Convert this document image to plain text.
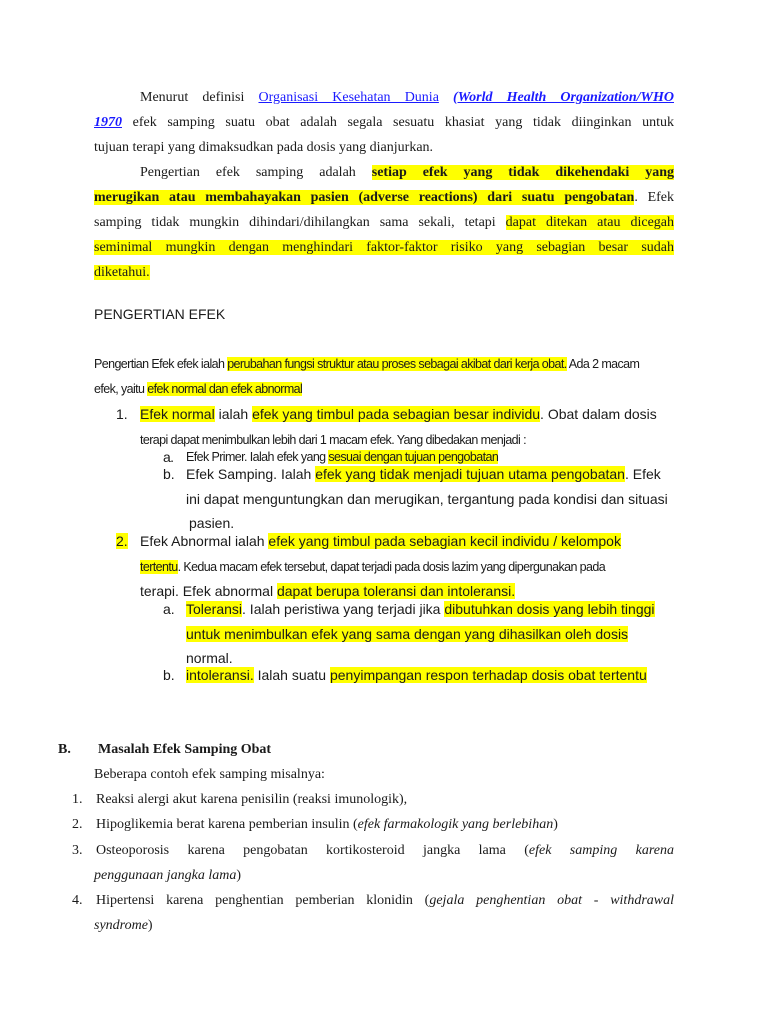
Menurut definisi Organisasi Kesehatan Dunia (World Health Organization/WHO
1970 efek samping suatu obat adalah segala sesuatu khasiat yang tidak diinginkan untuk
tujuan terapi yang dimaksudkan pada dosis yang dianjurkan.
Pengertian efek samping adalah setiap efek yang tidak dikehendaki yang
merugikan atau membahayakan pasien (adverse reactions) dari suatu pengobatan. Efek
samping tidak mungkin dihindari/dihilangkan sama sekali, tetapi dapat ditekan atau dicegah
seminimal mungkin dengan menghindari faktor-faktor risiko yang sebagian besar sudah
diketahui.
PENGERTIAN EFEK
Pengertian Efek efek ialah perubahan fungsi struktur atau proses sebagai akibat dari kerja obat. Ada 2 macam
efek, yaitu efek normal dan efek abnormal
1. Efek normal ialah efek yang timbul pada sebagian besar individu. Obat dalam dosis
terapi dapat menimbulkan lebih dari 1 macam efek. Yang dibedakan menjadi :
a. Efek Primer. Ialah efek yang sesuai dengan tujuan pengobatan
b. Efek Samping. Ialah efek yang tidak menjadi tujuan utama pengobatan. Efek
ini dapat menguntungkan dan merugikan, tergantung pada kondisi dan situasi
pasien.
2. Efek Abnormal ialah efek yang timbul pada sebagian kecil individu / kelompok
tertentu. Kedua macam efek tersebut, dapat terjadi pada dosis lazim yang dipergunakan pada
terapi. Efek abnormal dapat berupa toleransi dan intoleransi.
a. Toleransi. Ialah peristiwa yang terjadi jika dibutuhkan dosis yang lebih tinggi
untuk menimbulkan efek yang sama dengan yang dihasilkan oleh dosis
normal.
b. intoleransi. Ialah suatu penyimpangan respon terhadap dosis obat tertentu
B. Masalah Efek Samping Obat
Beberapa contoh efek samping misalnya:
1. Reaksi alergi akut karena penisilin (reaksi imunologik),
2. Hipoglikemia berat karena pemberian insulin (efek farmakologik yang berlebihan)
3. Osteoporosis karena pengobatan kortikosteroid jangka lama (efek samping karena
penggunaan jangka lama)
4. Hipertensi karena penghentian pemberian klonidin (gejala penghentian obat - withdrawal
syndrome)
